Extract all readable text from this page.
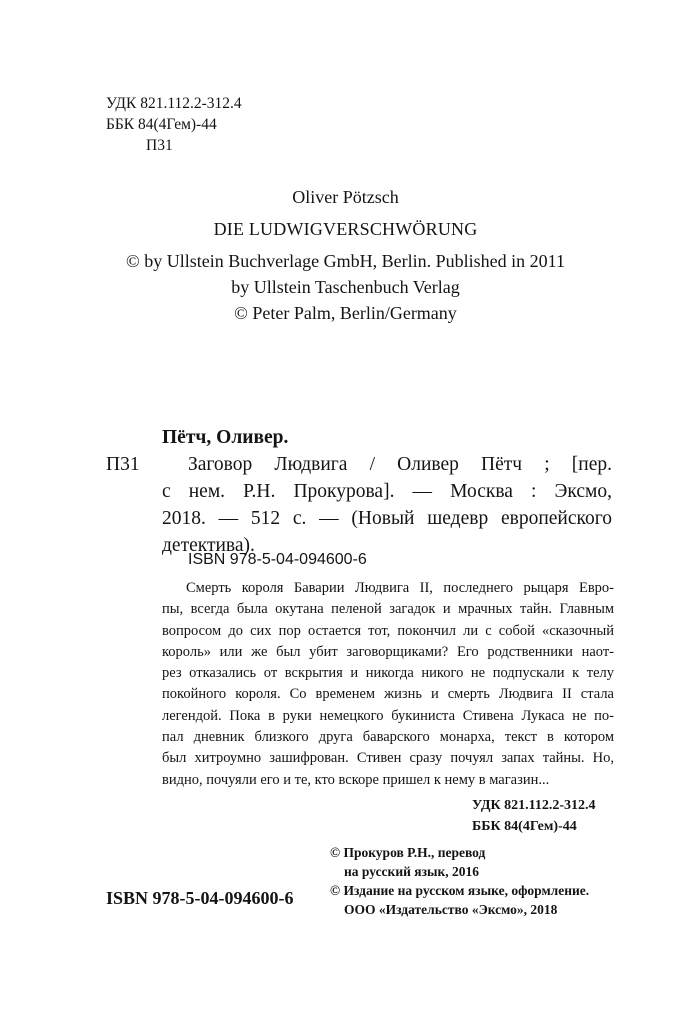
УДК 821.112.2-312.4
ББК 84(4Гем)-44
П31
Oliver Pötzsch
DIE LUDWIGVERSCHWÖRUNG
© by Ullstein Buchverlage GmbH, Berlin. Published in 2011
by Ullstein Taschenbuch Verlag
© Peter Palm, Berlin/Germany
Пётч, Оливер.
П31	Заговор Людвига / Оливер Пётч ; [пер.
с нем. Р.Н. Прокурова]. — Москва : Эксмо,
2018. — 512 с. — (Новый шедевр европейского
детектива).
ISBN 978-5-04-094600-6
Смерть короля Баварии Людвига II, последнего рыцаря Евро-
пы, всегда была окутана пеленой загадок и мрачных тайн. Главным
вопросом до сих пор остается тот, покончил ли с собой «сказочный
король» или же был убит заговорщиками? Его родственники наот-
рез отказались от вскрытия и никогда никого не подпускали к телу
покойного короля. Со временем жизнь и смерть Людвига II стала
легендой. Пока в руки немецкого букиниста Стивена Лукаса не по-
пал дневник близкого друга баварского монарха, текст в котором
был хитроумно зашифрован. Стивен сразу почуял запах тайны. Но,
видно, почуяли его и те, кто вскоре пришел к нему в магазин...
УДК 821.112.2-312.4
ББК 84(4Гем)-44
© Прокуров Р.Н., перевод
на русский язык, 2016
© Издание на русском языке, оформление.
ООО «Издательство «Эксмо», 2018
ISBN 978-5-04-094600-6
